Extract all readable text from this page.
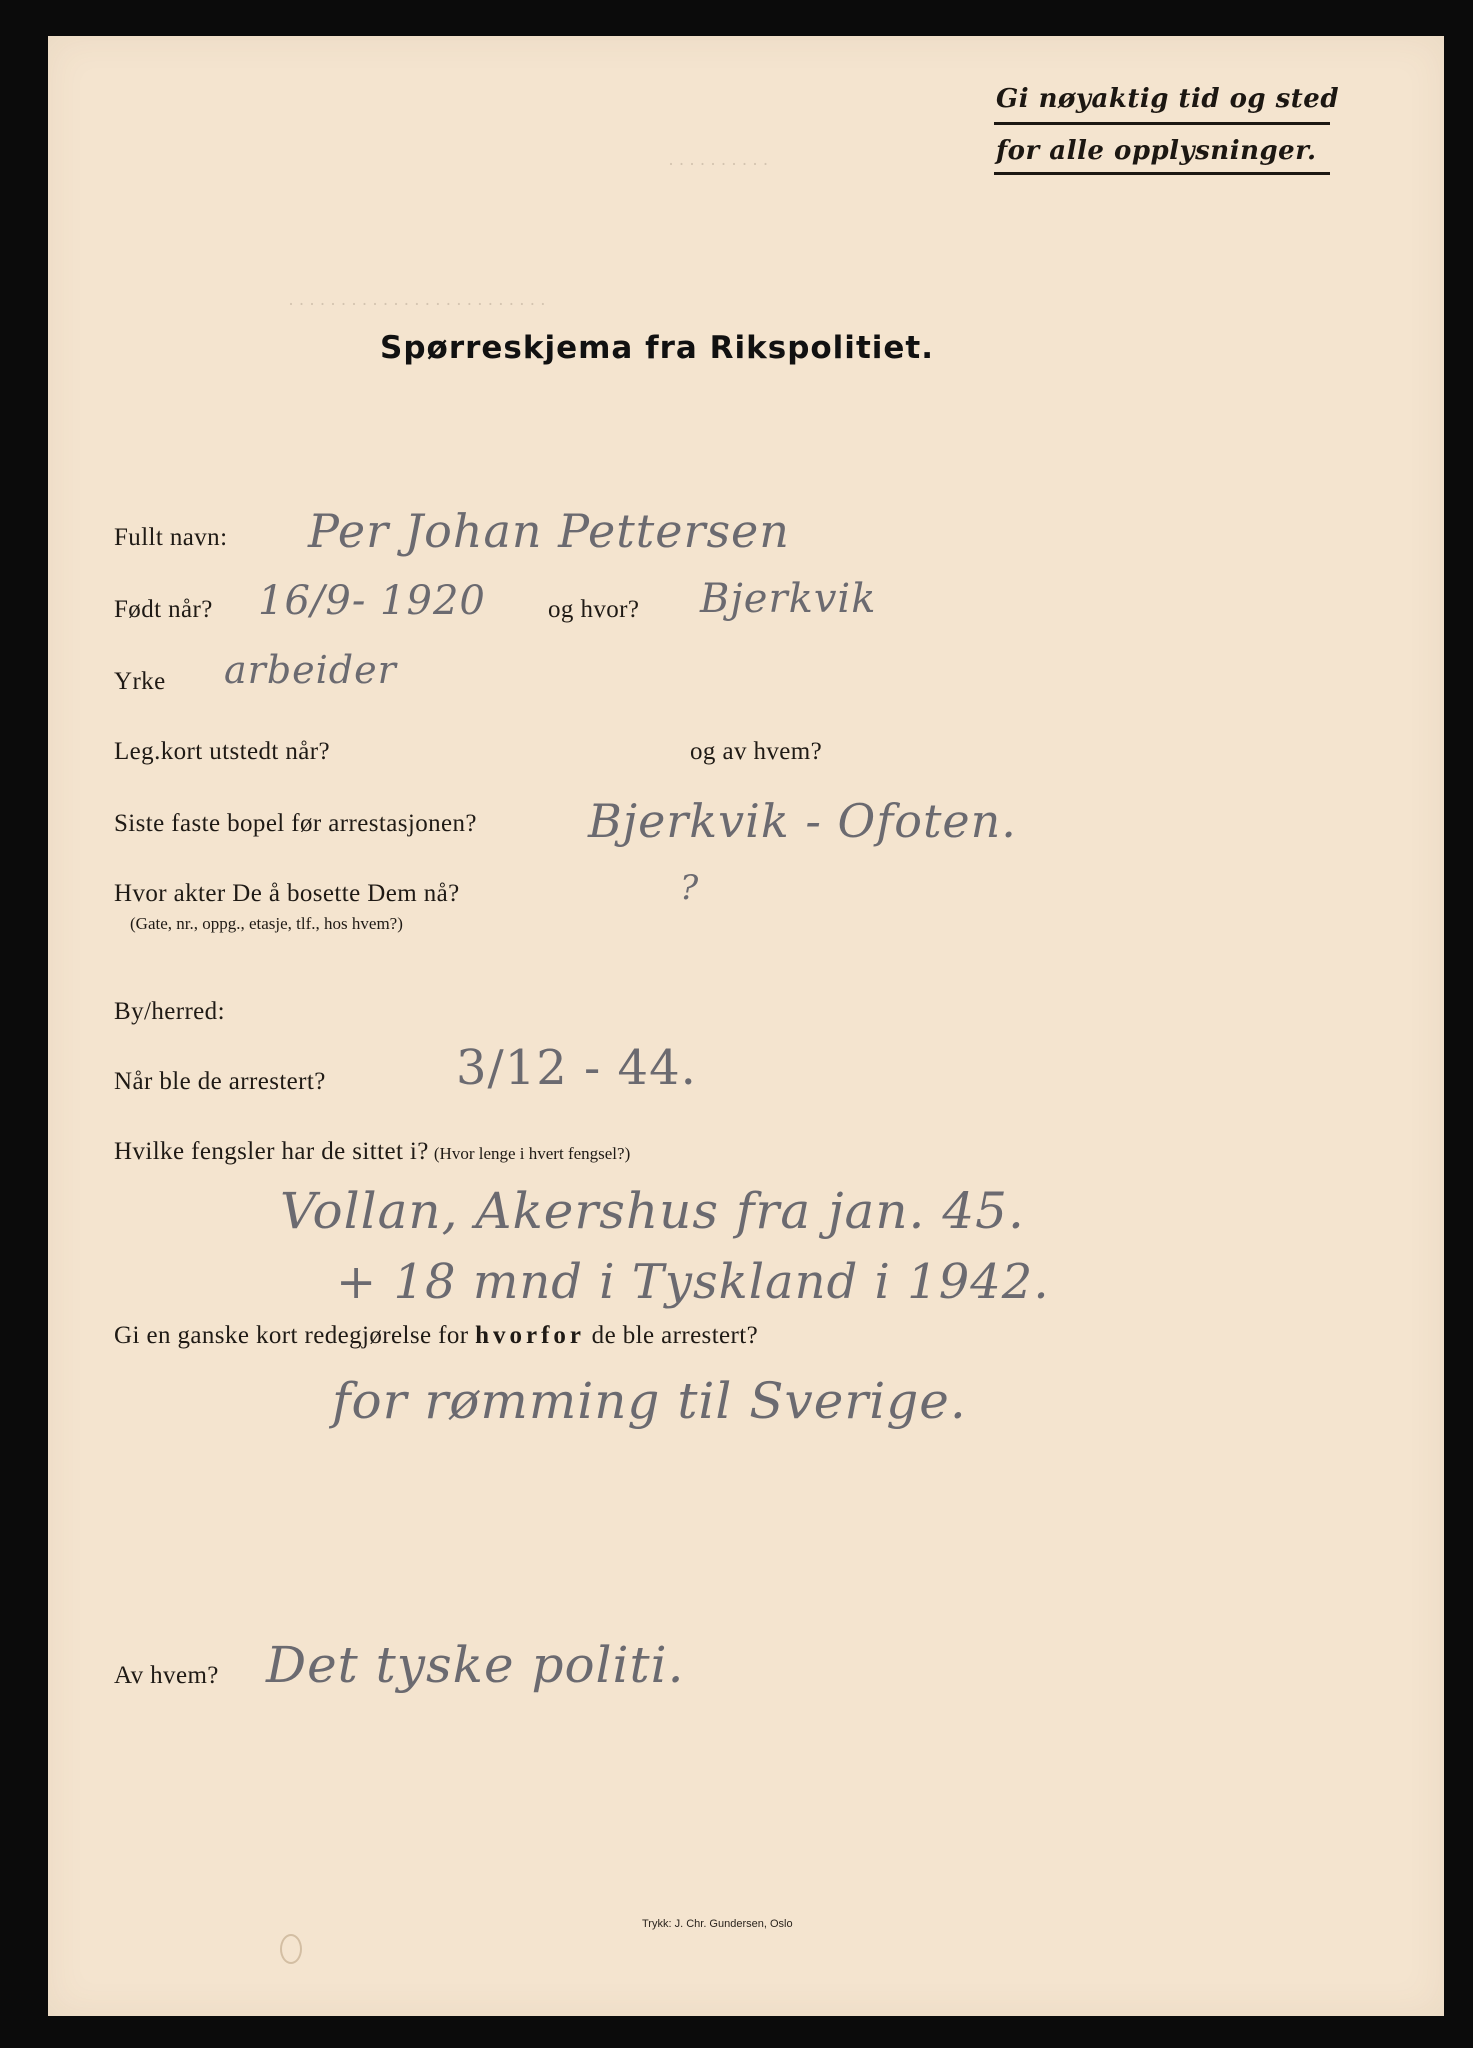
Gi nøyaktig tid og sted
for alle opplysninger.
· · · · · · · · · ·
· · · · · · · · · · · · · · · · · · · · · · · · ·
Spørreskjema fra Rikspolitiet.
Fullt navn: Per Johan Pettersen
Født når? 16/9- 1920 og hvor? Bjerkvik
Yrke arbeider
Leg.kort utstedt når?	og av hvem?
Siste faste bopel før arrestasjonen? Bjerkvik - Ofoten.
Hvor akter De å bosette Dem nå?
(Gate, nr., oppg., etasje, tlf., hos hvem?)
?
By/herred:
Når ble de arrestert?	3/12 - 44.
Hvilke fengsler har de sittet i? (Hvor lenge i hvert fengsel?)
Vollan, Akershus fra jan. 45.
+ 18 mnd i Tyskland i 1942.
Gi en ganske kort redegjørelse for hvorfor de ble arrestert?
for rømming til Sverige.
Av hvem? Det tyske politi.
Trykk: J. Chr. Gundersen, Oslo
